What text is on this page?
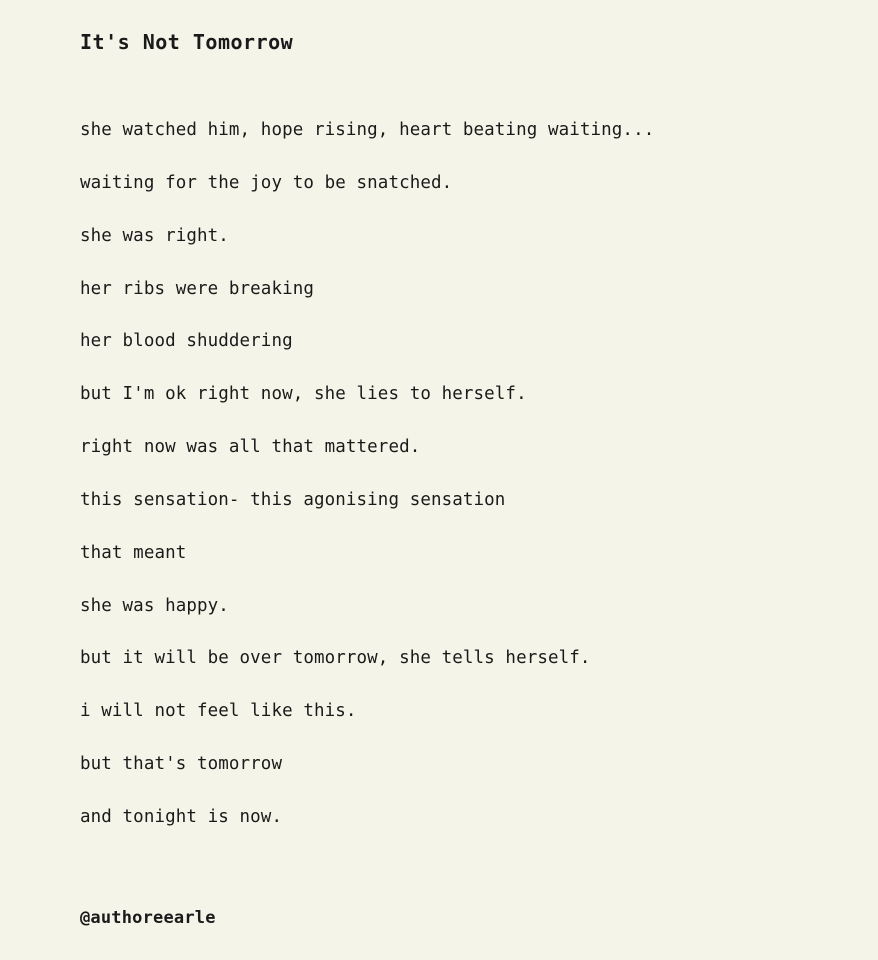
It's Not Tomorrow
she watched him, hope rising, heart beating waiting...
waiting for the joy to be snatched.
she was right.
her ribs were breaking
her blood shuddering
but I'm ok right now, she lies to herself.
right now was all that mattered.
this sensation- this agonising sensation
that meant
she was happy.
but it will be over tomorrow, she tells herself.
i will not feel like this.
but that's tomorrow
and tonight is now.
@authoreearle
